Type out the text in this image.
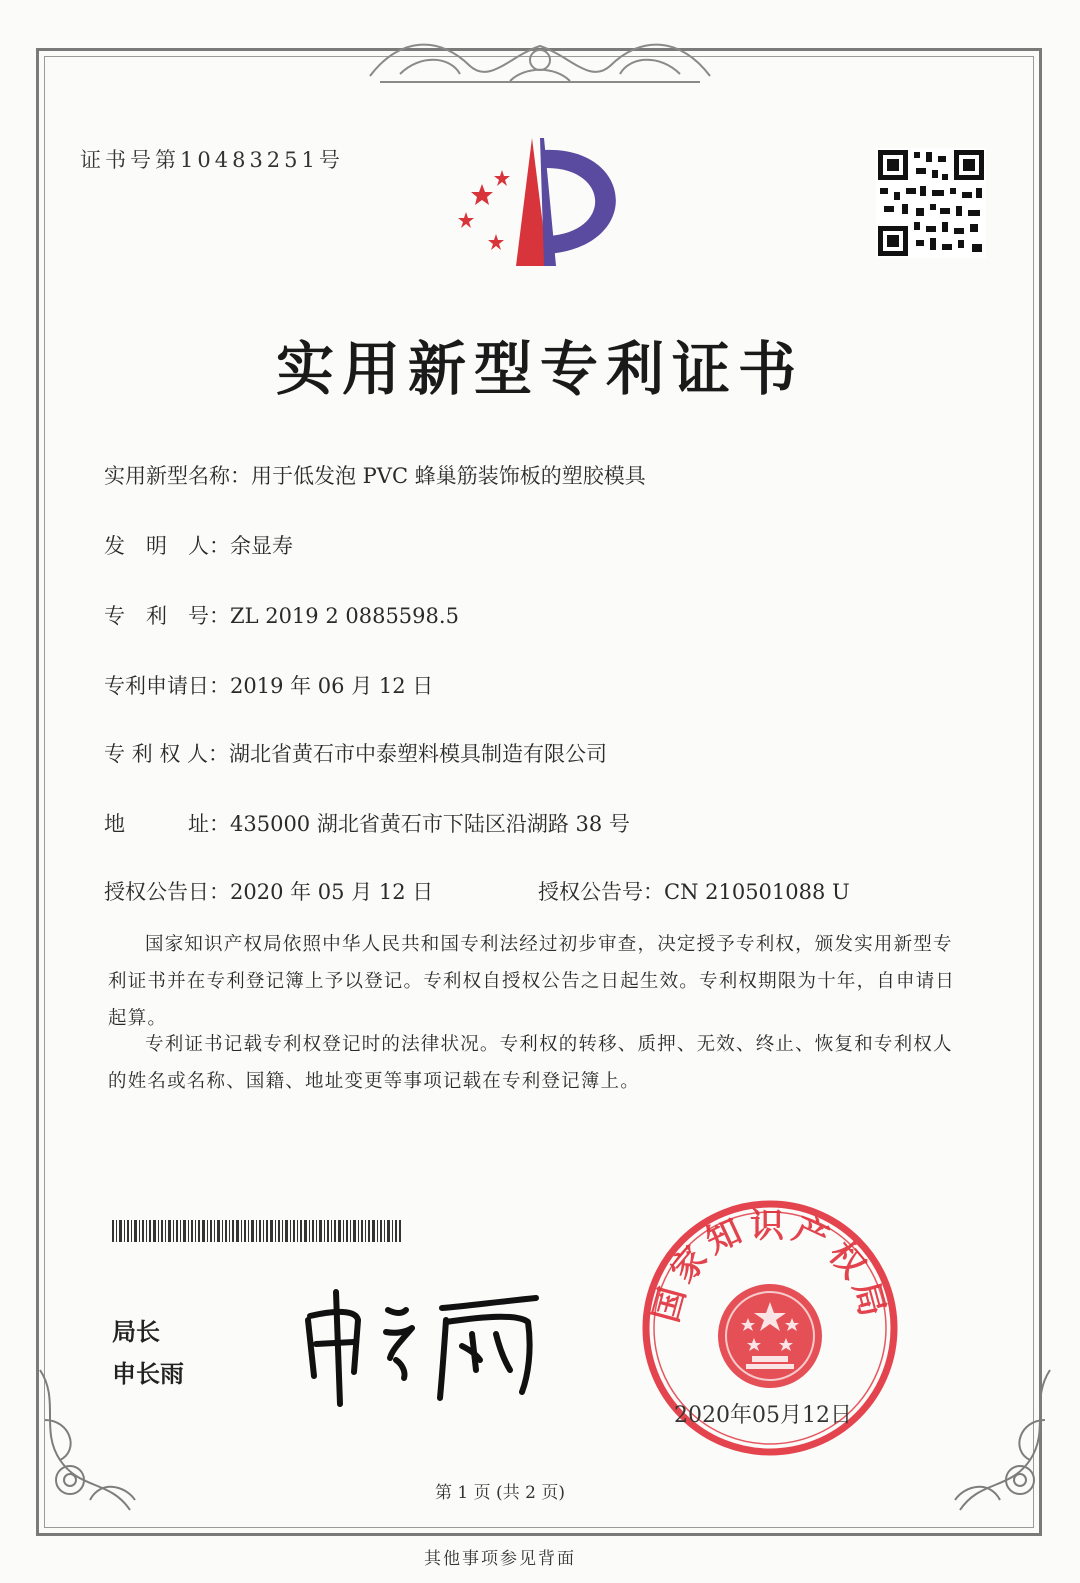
证书号第10483251号
实用新型专利证书
实用新型名称：用于低发泡 PVC 蜂巢筋装饰板的塑胶模具
发　明　人：余显寿
专　利　号：ZL 2019 2 0885598.5
专利申请日：2019 年 06 月 12 日
专 利 权 人：湖北省黄石市中泰塑料模具制造有限公司
地　　　址：435000 湖北省黄石市下陆区沿湖路 38 号
授权公告日：2020 年 05 月 12 日	授权公告号：CN 210501088 U
国家知识产权局依照中华人民共和国专利法经过初步审查，决定授予专利权，颁发实用新型专利证书并在专利登记簿上予以登记。专利权自授权公告之日起生效。专利权期限为十年，自申请日起算。
专利证书记载专利权登记时的法律状况。专利权的转移、质押、无效、终止、恢复和专利权人的姓名或名称、国籍、地址变更等事项记载在专利登记簿上。
局长
申长雨
国家知识产权局
2020年05月12日
第 1 页 (共 2 页)
其他事项参见背面
